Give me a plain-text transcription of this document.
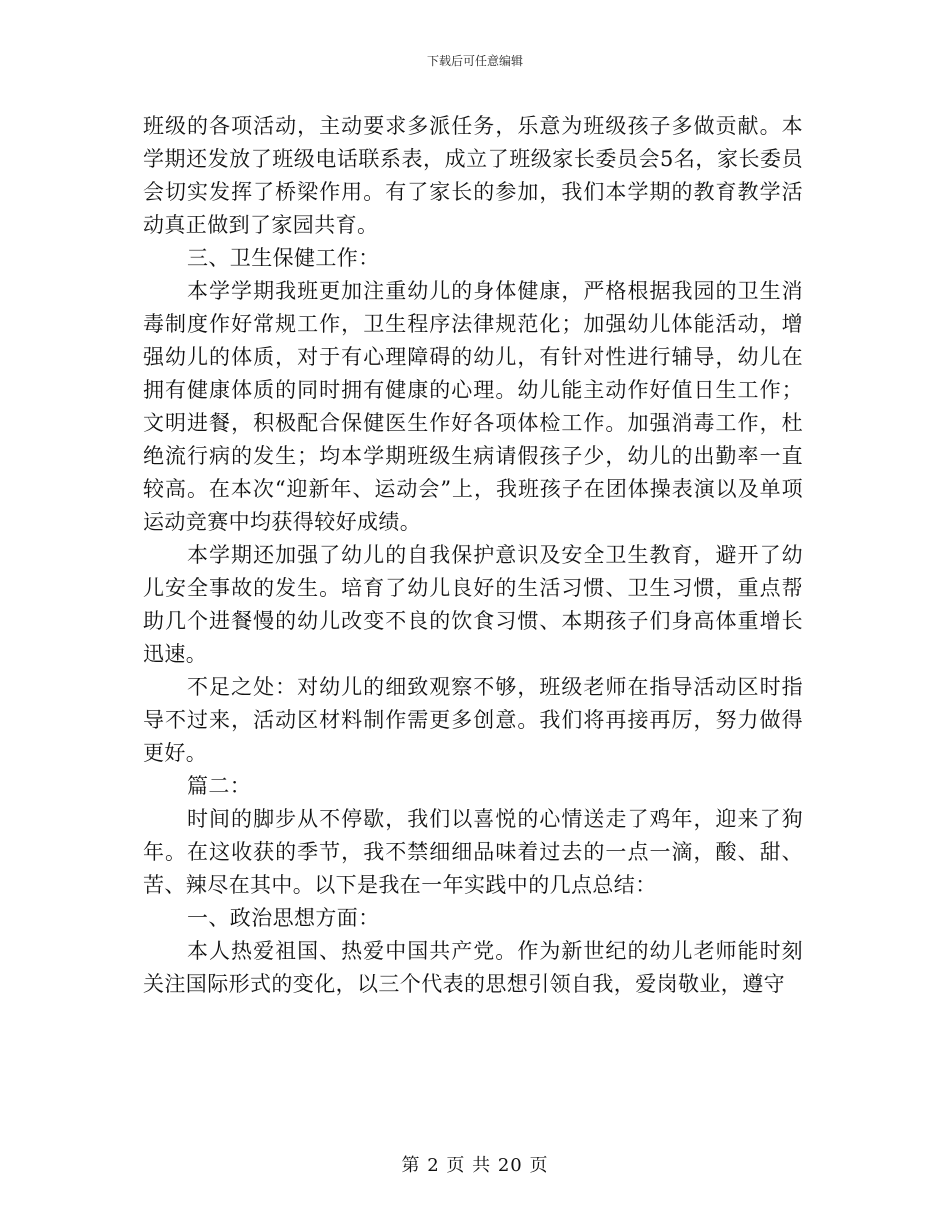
下载后可任意编辑

班级的各项活动，主动要求多派任务，乐意为班级孩子多做贡献。本学期还发放了班级电话联系表，成立了班级家长委员会5名，家长委员会切实发挥了桥梁作用。有了家长的参加，我们本学期的教育教学活动真正做到了家园共育。

三、卫生保健工作：

本学学期我班更加注重幼儿的身体健康，严格根据我园的卫生消毒制度作好常规工作，卫生程序法律规范化；加强幼儿体能活动，增强幼儿的体质，对于有心理障碍的幼儿，有针对性进行辅导，幼儿在拥有健康体质的同时拥有健康的心理。幼儿能主动作好值日生工作；文明进餐，积极配合保健医生作好各项体检工作。加强消毒工作，杜绝流行病的发生；均本学期班级生病请假孩子少，幼儿的出勤率一直较高。在本次“迎新年、运动会”上，我班孩子在团体操表演以及单项运动竞赛中均获得较好成绩。

本学期还加强了幼儿的自我保护意识及安全卫生教育，避开了幼儿安全事故的发生。培育了幼儿良好的生活习惯、卫生习惯，重点帮助几个进餐慢的幼儿改变不良的饮食习惯、本期孩子们身高体重增长迅速。

不足之处：对幼儿的细致观察不够，班级老师在指导活动区时指导不过来，活动区材料制作需更多创意。我们将再接再厉，努力做得更好。

篇二：

时间的脚步从不停歇，我们以喜悦的心情送走了鸡年，迎来了狗年。在这收获的季节，我不禁细细品味着过去的一点一滴，酸、甜、苦、辣尽在其中。以下是我在一年实践中的几点总结：

一、政治思想方面：

本人热爱祖国、热爱中国共产党。作为新世纪的幼儿老师能时刻关注国际形式的变化，以三个代表的思想引领自我，爱岗敬业，遵守

第 2 页 共 20 页
